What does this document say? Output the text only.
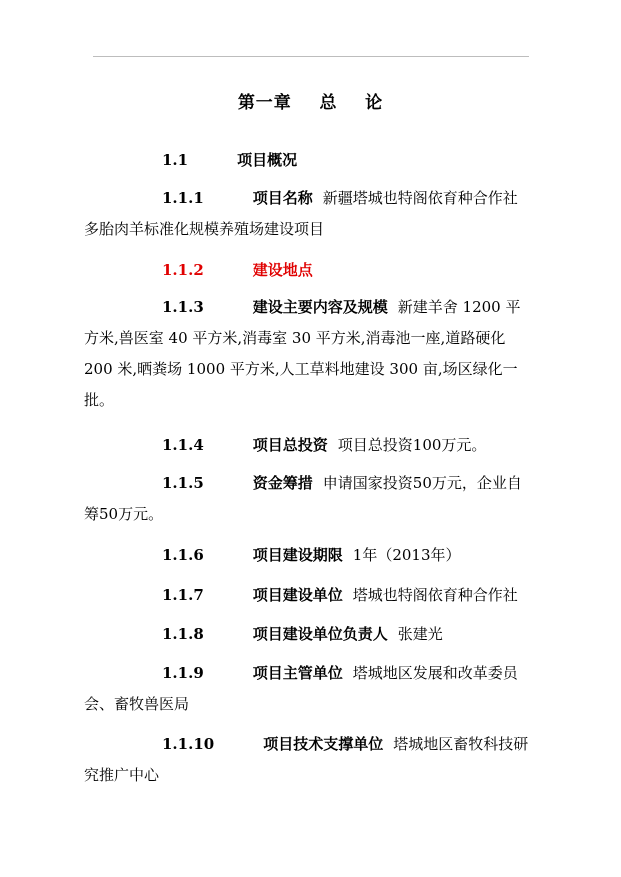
第一章    总    论

1.1	项目概况

1.1.1	项目名称 新疆塔城也特阁依育种合作社多胎肉羊标准化规模养殖场建设项目

1.1.2	建设地点

1.1.3	建设主要内容及规模 新建羊舍 1200 平方米,兽医室 40 平方米,消毒室 30 平方米,消毒池一座,道路硬化 200 米,晒粪场 1000 平方米,人工草料地建设 300 亩,场区绿化一批。

1.1.4	项目总投资 项目总投资100万元。

1.1.5	资金筹措 申请国家投资50万元，企业自筹50万元。

1.1.6	项目建设期限 1年（2013年）

1.1.7	项目建设单位 塔城也特阁依育种合作社

1.1.8	项目建设单位负责人 张建光

1.1.9	项目主管单位 塔城地区发展和改革委员会、畜牧兽医局

1.1.10	项目技术支撑单位 塔城地区畜牧科技研究推广中心
